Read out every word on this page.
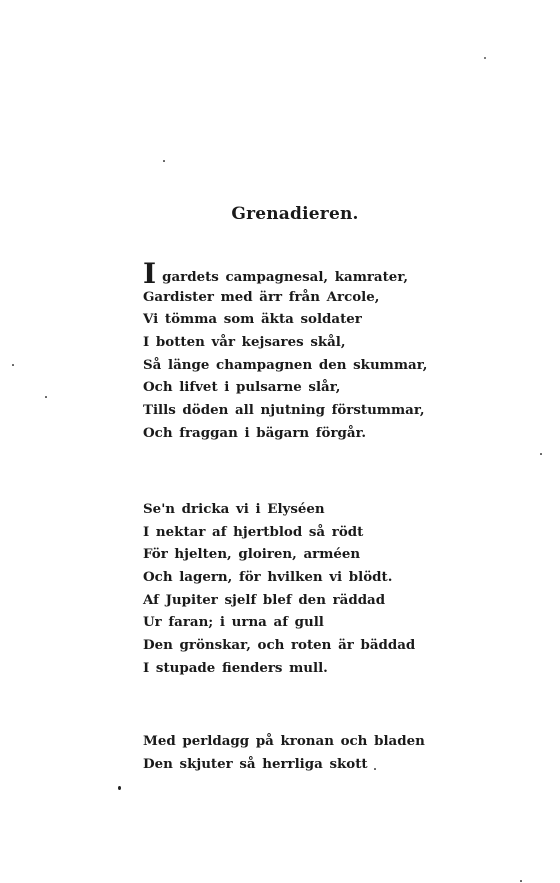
Grenadieren.
Igardets campagnesal, kamrater,
Gardister med ärr från Arcole,
Vi tömma som äkta soldater
I botten vår kejsares skål,
Så länge champagnen den skummar,
Och lifvet i pulsarne slår,
Tills döden all njutning förstummar,
Och fraggan i bägarn förgår.
Se'n dricka vi i Elyséen
I nektar af hjertblod så rödt
För hjelten, gloiren, arméen
Och lagern, för hvilken vi blödt.
Af Jupiter sjelf blef den räddad
Ur faran; i urna af gull
Den grönskar, och roten är bäddad
I stupade fienders mull.
Med perldagg på kronan och bladen
Den skjuter så herrliga skott
